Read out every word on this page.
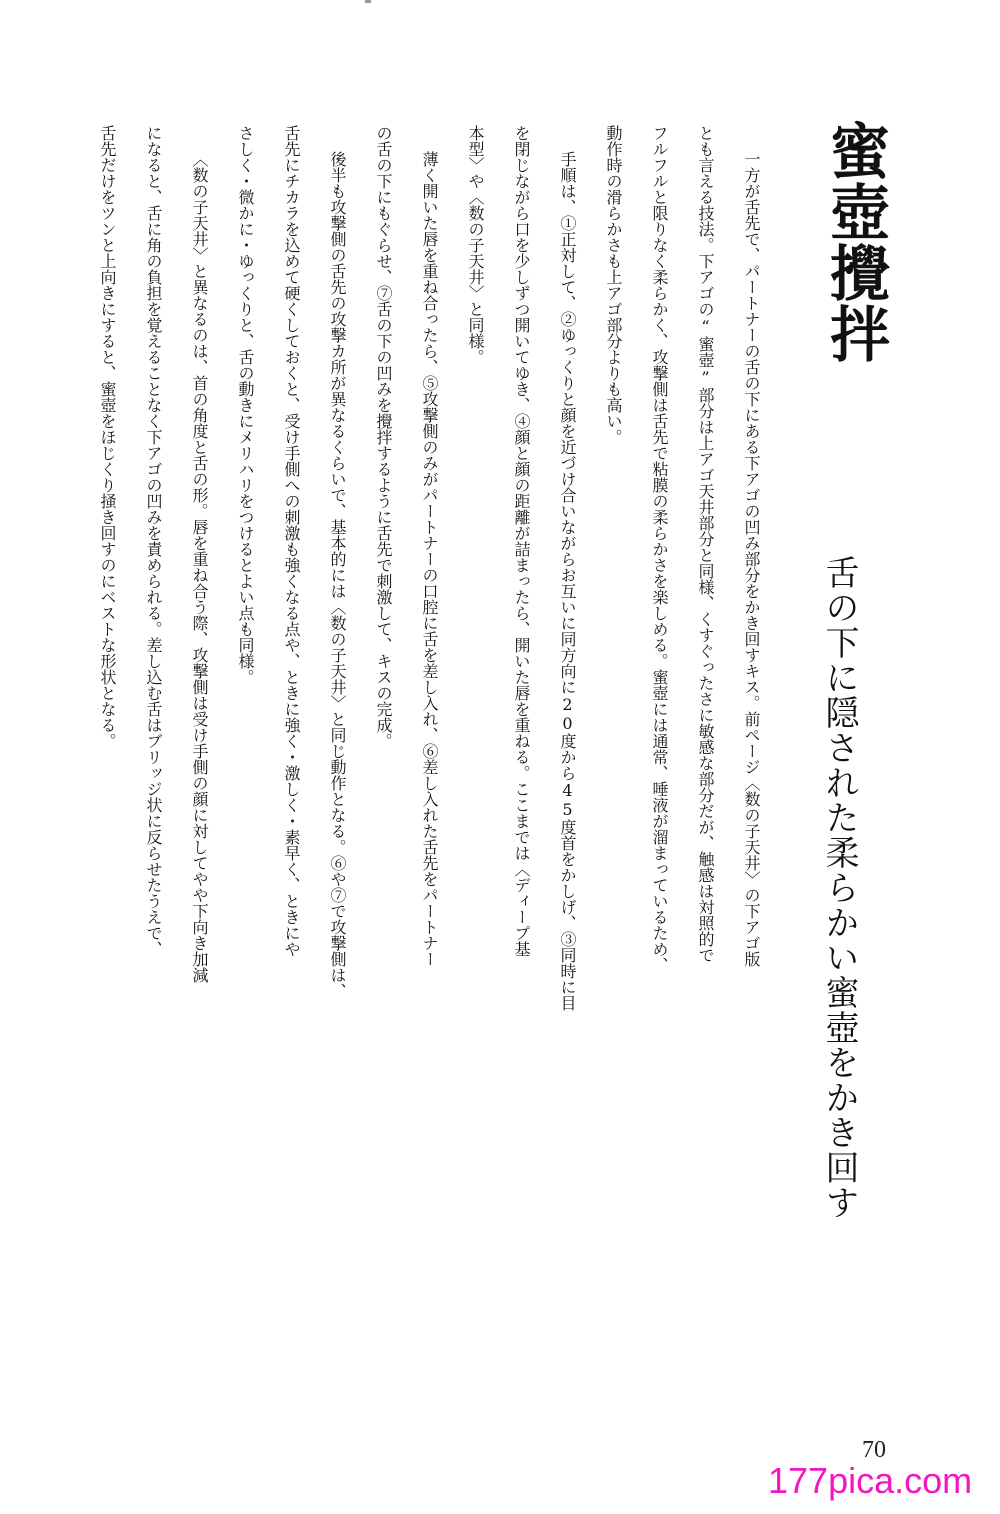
蜜壺攪拌
舌の下に隠された柔らかい蜜壺をかき回す
一方が舌先で、パートナーの舌の下にある下アゴの凹み部分をかき回すキス。前ページ〈数の子天井〉の下アゴ版
とも言える技法。下アゴの“蜜壺”部分は上アゴ天井部分と同様、くすぐったさに敏感な部分だが、触感は対照的で
フルフルと限りなく柔らかく、攻撃側は舌先で粘膜の柔らかさを楽しめる。蜜壺には通常、唾液が溜まっているため、
動作時の滑らかさも上アゴ部分よりも高い。
手順は、①正対して、②ゆっくりと顔を近づけ合いながらお互いに同方向に20度から45度首をかしげ、③同時に目
を閉じながら口を少しずつ開いてゆき、④顔と顔の距離が詰まったら、開いた唇を重ねる。ここまでは〈ディープ基
本型〉や〈数の子天井〉と同様。
薄く開いた唇を重ね合ったら、⑤攻撃側のみがパートナーの口腔に舌を差し入れ、⑥差し入れた舌先をパートナー
の舌の下にもぐらせ、⑦舌の下の凹みを攪拌するように舌先で刺激して、キスの完成。
後半も攻撃側の舌先の攻撃カ所が異なるくらいで、基本的には〈数の子天井〉と同じ動作となる。⑥や⑦で攻撃側は、
舌先にチカラを込めて硬くしておくと、受け手側への刺激も強くなる点や、ときに強く・激しく・素早く、ときにや
さしく・微かに・ゆっくりと、舌の動きにメリハリをつけるとよい点も同様。
〈数の子天井〉と異なるのは、首の角度と舌の形。唇を重ね合う際、攻撃側は受け手側の顔に対してやや下向き加減
になると、舌に角の負担を覚えることなく下アゴの凹みを責められる。差し込む舌はブリッジ状に反らせたうえで、
舌先だけをツンと上向きにすると、蜜壺をほじくり掻き回すのにベストな形状となる。
70
177pica.com
